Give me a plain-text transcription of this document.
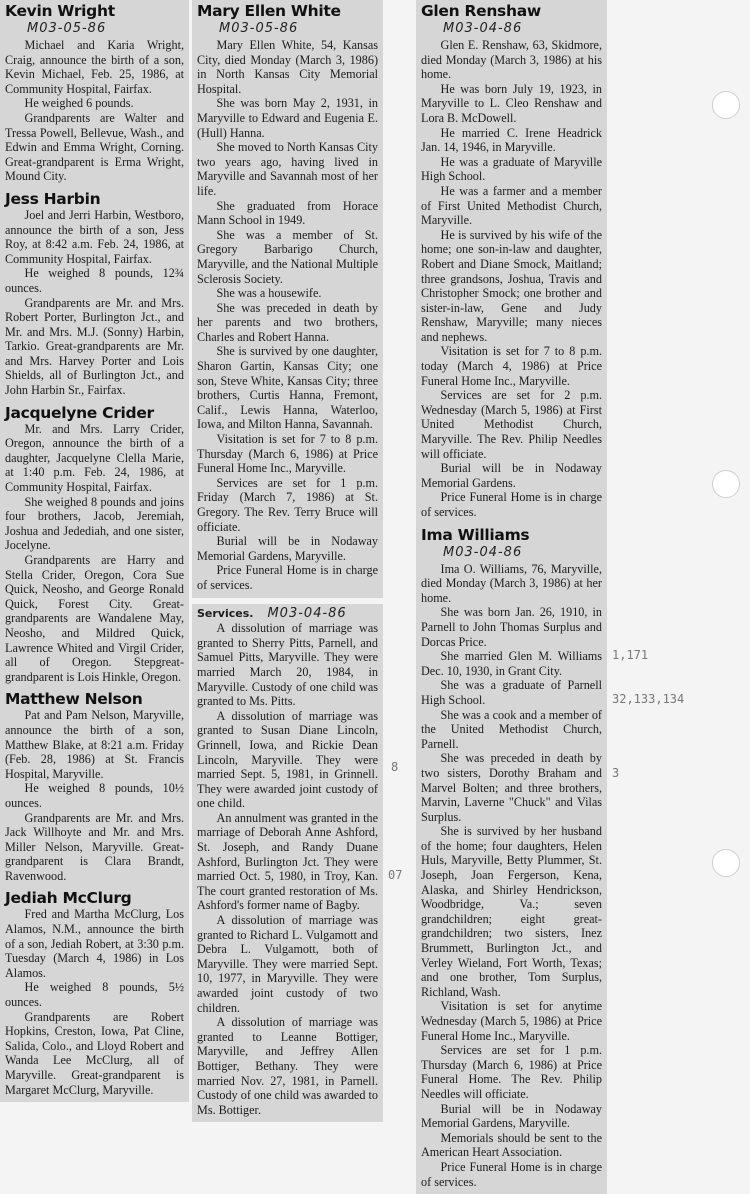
Kevin Wright
M03-05-86

Michael and Karia Wright, Craig, announce the birth of a son, Kevin Michael, Feb. 25, 1986, at Community Hospital, Fairfax.

He weighed 6 pounds.

Grandparents are Walter and Tressa Powell, Bellevue, Wash., and Edwin and Emma Wright, Corning. Great-grandparent is Erma Wright, Mound City.

Jess Harbin

Joel and Jerri Harbin, Westboro, announce the birth of a son, Jess Roy, at 8:42 a.m. Feb. 24, 1986, at Community Hospital, Fairfax.

He weighed 8 pounds, 12¾ ounces.

Grandparents are Mr. and Mrs. Robert Porter, Burlington Jct., and Mr. and Mrs. M.J. (Sonny) Harbin, Tarkio. Great-grandparents are Mr. and Mrs. Harvey Porter and Lois Shields, all of Burlington Jct., and John Harbin Sr., Fairfax.

Jacquelyne Crider

Mr. and Mrs. Larry Crider, Oregon, announce the birth of a daughter, Jacquelyne Clella Marie, at 1:40 p.m. Feb. 24, 1986, at Community Hospital, Fairfax.

She weighed 8 pounds and joins four brothers, Jacob, Jeremiah, Joshua and Jedediah, and one sister, Jocelyne.

Grandparents are Harry and Stella Crider, Oregon, Cora Sue Quick, Neosho, and George Ronald Quick, Forest City. Great-grandparents are Wandalene May, Neosho, and Mildred Quick, Lawrence Whited and Virgil Crider, all of Oregon. Stepgreat-grandparent is Lois Hinkle, Oregon.

Matthew Nelson

Pat and Pam Nelson, Maryville, announce the birth of a son, Matthew Blake, at 8:21 a.m. Friday (Feb. 28, 1986) at St. Francis Hospital, Maryville.

He weighed 8 pounds, 10½ ounces.

Grandparents are Mr. and Mrs. Jack Willhoyte and Mr. and Mrs. Miller Nelson, Maryville. Great-grandparent is Clara Brandt, Ravenwood.

Jediah McClurg

Fred and Martha McClurg, Los Alamos, N.M., announce the birth of a son, Jediah Robert, at 3:30 p.m. Tuesday (March 4, 1986) in Los Alamos.

He weighed 8 pounds, 5½ ounces.

Grandparents are Robert Hopkins, Creston, Iowa, Pat Cline, Salida, Colo., and Lloyd Robert and Wanda Lee McClurg, all of Maryville. Great-grandparent is Margaret McClurg, Maryville.

Mary Ellen White
M03-05-86

Mary Ellen White, 54, Kansas City, died Monday (March 3, 1986) in North Kansas City Memorial Hospital.

She was born May 2, 1931, in Maryville to Edward and Eugenia E. (Hull) Hanna.

She moved to North Kansas City two years ago, having lived in Maryville and Savannah most of her life.

She graduated from Horace Mann School in 1949.

She was a member of St. Gregory Barbarigo Church, Maryville, and the National Multiple Sclerosis Society.

She was a housewife.

She was preceded in death by her parents and two brothers, Charles and Robert Hanna.

She is survived by one daughter, Sharon Gartin, Kansas City; one son, Steve White, Kansas City; three brothers, Curtis Hanna, Fremont, Calif., Lewis Hanna, Waterloo, Iowa, and Milton Hanna, Savannah.

Visitation is set for 7 to 8 p.m. Thursday (March 6, 1986) at Price Funeral Home Inc., Maryville.

Services are set for 1 p.m. Friday (March 7, 1986) at St. Gregory. The Rev. Terry Bruce will officiate.

Burial will be in Nodaway Memorial Gardens, Maryville.

Price Funeral Home is in charge of services.

Services. M03-04-86

A dissolution of marriage was granted to Sherry Pitts, Parnell, and Samuel Pitts, Maryville. They were married March 20, 1984, in Maryville. Custody of one child was granted to Ms. Pitts.

A dissolution of marriage was granted to Susan Diane Lincoln, Grinnell, Iowa, and Rickie Dean Lincoln, Maryville. They were married Sept. 5, 1981, in Grinnell. They were awarded joint custody of one child.

An annulment was granted in the marriage of Deborah Anne Ashford, St. Joseph, and Randy Duane Ashford, Burlington Jct. They were married Oct. 5, 1980, in Troy, Kan. The court granted restoration of Ms. Ashford's former name of Bagby.

A dissolution of marriage was granted to Richard L. Vulgamott and Debra L. Vulgamott, both of Maryville. They were married Sept. 10, 1977, in Maryville. They were awarded joint custody of two children.

A dissolution of marriage was granted to Leanne Bottiger, Maryville, and Jeffrey Allen Bottiger, Bethany. They were married Nov. 27, 1981, in Parnell. Custody of one child was awarded to Ms. Bottiger.

Glen Renshaw
M03-04-86

Glen E. Renshaw, 63, Skidmore, died Monday (March 3, 1986) at his home.

He was born July 19, 1923, in Maryville to L. Cleo Renshaw and Lora B. McDowell.

He married C. Irene Headrick Jan. 14, 1946, in Maryville.

He was a graduate of Maryville High School.

He was a farmer and a member of First United Methodist Church, Maryville.

He is survived by his wife of the home; one son-in-law and daughter, Robert and Diane Smock, Maitland; three grandsons, Joshua, Travis and Christopher Smock; one brother and sister-in-law, Gene and Judy Renshaw, Maryville; many nieces and nephews.

Visitation is set for 7 to 8 p.m. today (March 4, 1986) at Price Funeral Home Inc., Maryville.

Services are set for 2 p.m. Wednesday (March 5, 1986) at First United Methodist Church, Maryville. The Rev. Philip Needles will officiate.

Burial will be in Nodaway Memorial Gardens.

Price Funeral Home is in charge of services.

Ima Williams
M03-04-86

Ima O. Williams, 76, Maryville, died Monday (March 3, 1986) at her home.

She was born Jan. 26, 1910, in Parnell to John Thomas Surplus and Dorcas Price.

She married Glen M. Williams Dec. 10, 1930, in Grant City.

She was a graduate of Parnell High School.

She was a cook and a member of the United Methodist Church, Parnell.

She was preceded in death by two sisters, Dorothy Braham and Marvel Bolten; and three brothers, Marvin, Laverne "Chuck" and Vilas Surplus.

She is survived by her husband of the home; four daughters, Helen Huls, Maryville, Betty Plummer, St. Joseph, Joan Fergerson, Kena, Alaska, and Shirley Hendrickson, Woodbridge, Va.; seven grandchildren; eight great-grandchildren; two sisters, Inez Brummett, Burlington Jct., and Verley Wieland, Fort Worth, Texas; and one brother, Tom Surplus, Richland, Wash.

Visitation is set for anytime Wednesday (March 5, 1986) at Price Funeral Home Inc., Maryville.

Services are set for 1 p.m. Thursday (March 6, 1986) at Price Funeral Home. The Rev. Philip Needles will officiate.

Burial will be in Nodaway Memorial Gardens, Maryville.

Memorials should be sent to the American Heart Association.

Price Funeral Home is in charge of services.

1,171
32,133,134
3
07
8
